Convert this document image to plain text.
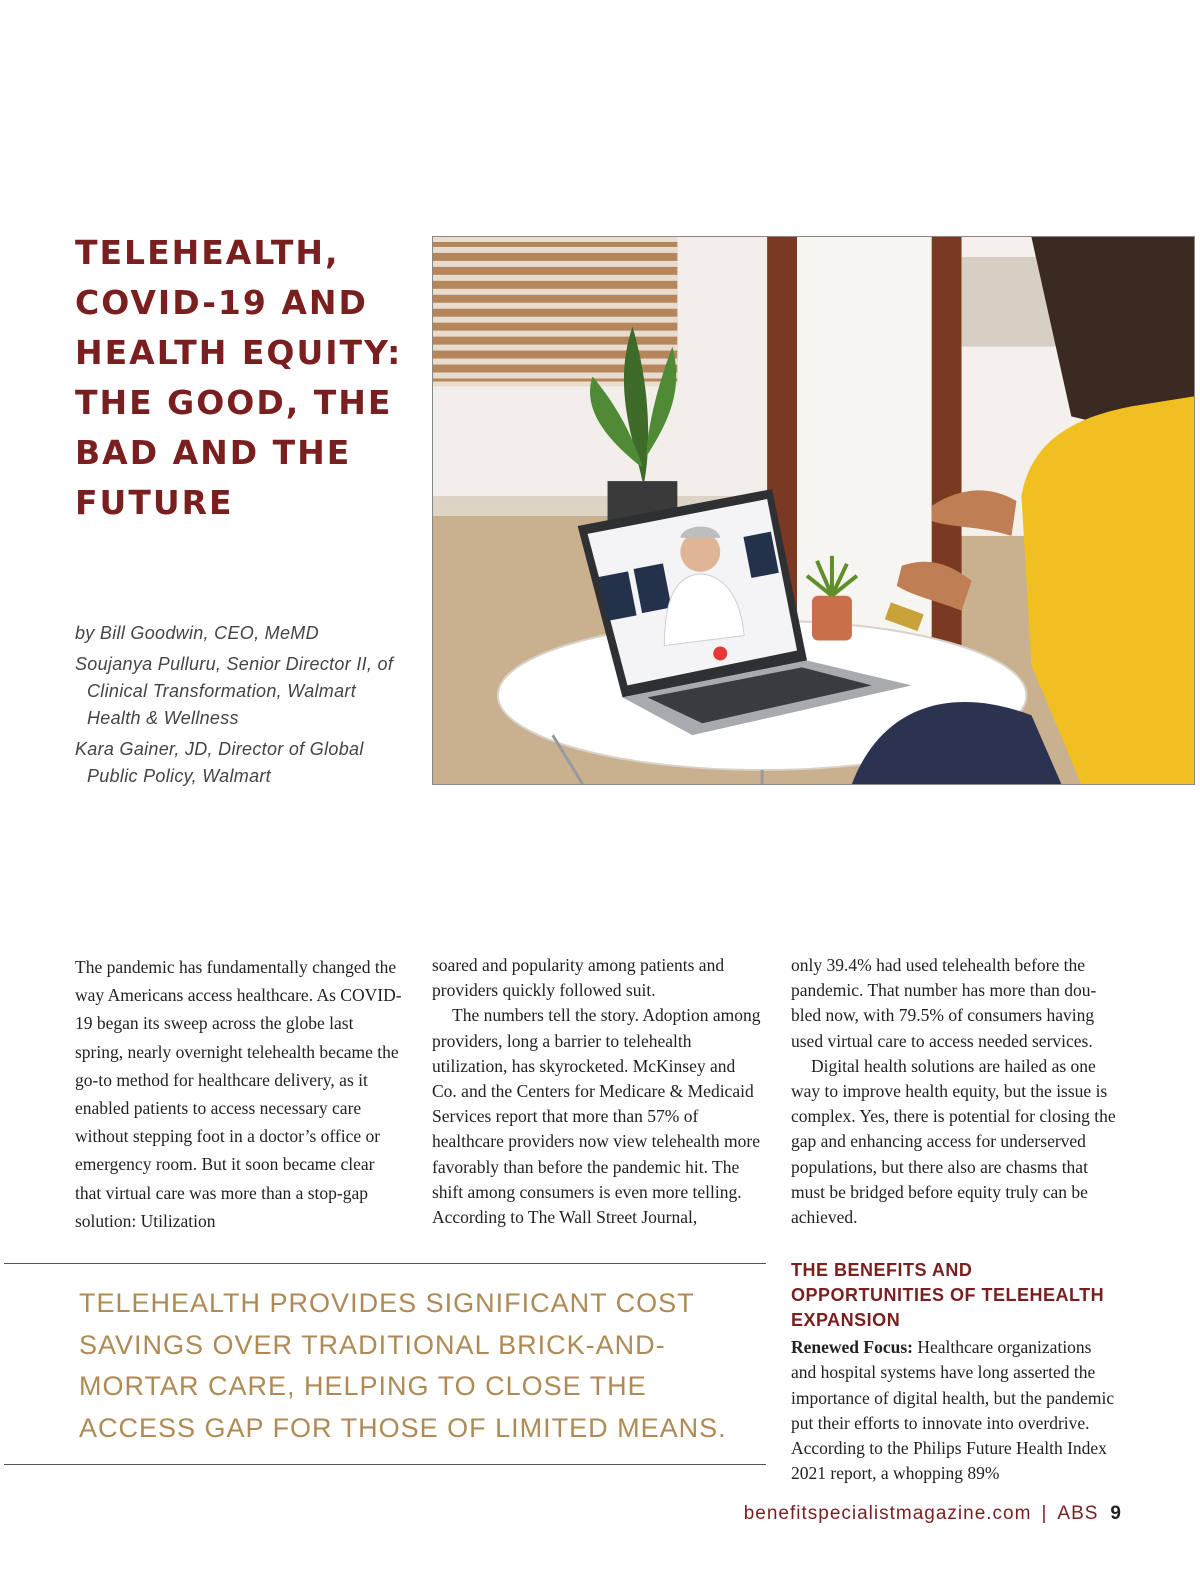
TELEHEALTH,
COVID-19 AND
HEALTH EQUITY:
THE GOOD, THE
BAD AND THE
FUTURE

by Bill Goodwin, CEO, MeMD

Soujanya Pulluru, Senior Director II, of Clinical Transformation, Walmart Health & Wellness

Kara Gainer, JD, Director of Global Public Policy, Walmart

The pandemic has fundamentally changed the way Americans access healthcare. As COVID-19 began its sweep across the globe last spring, nearly overnight telehealth became the go-to method for healthcare delivery, as it enabled patients to access necessary care without stepping foot in a doctor’s office or emergency room. But it soon became clear that virtual care was more than a stop-gap solution: Utilization

soared and popularity among patients and providers quickly followed suit.

The numbers tell the story. Adoption among providers, long a barrier to telehealth utilization, has skyrocketed. McKinsey and Co. and the Centers for Medicare & Medicaid Services report that more than 57% of healthcare providers now view telehealth more favorably than before the pandemic hit. The shift among consumers is even more telling. According to The Wall Street Journal,

only 39.4% had used telehealth before the pandemic. That number has more than dou-bled now, with 79.5% of consumers having used virtual care to access needed services.

Digital health solutions are hailed as one way to improve health equity, but the issue is complex. Yes, there is potential for closing the gap and enhancing access for underserved populations, but there also are chasms that must be bridged before equity truly can be achieved.

THE BENEFITS AND OPPORTUNITIES OF TELEHEALTH EXPANSION

Renewed Focus: Healthcare organizations and hospital systems have long asserted the importance of digital health, but the pandemic put their efforts to innovate into overdrive. According to the Philips Future Health Index 2021 report, a whopping 89%

TELEHEALTH PROVIDES SIGNIFICANT COST
SAVINGS OVER TRADITIONAL BRICK-AND-
MORTAR CARE, HELPING TO CLOSE THE
ACCESS GAP FOR THOSE OF LIMITED MEANS.
benefitspecialistmagazine.com | ABS 9
